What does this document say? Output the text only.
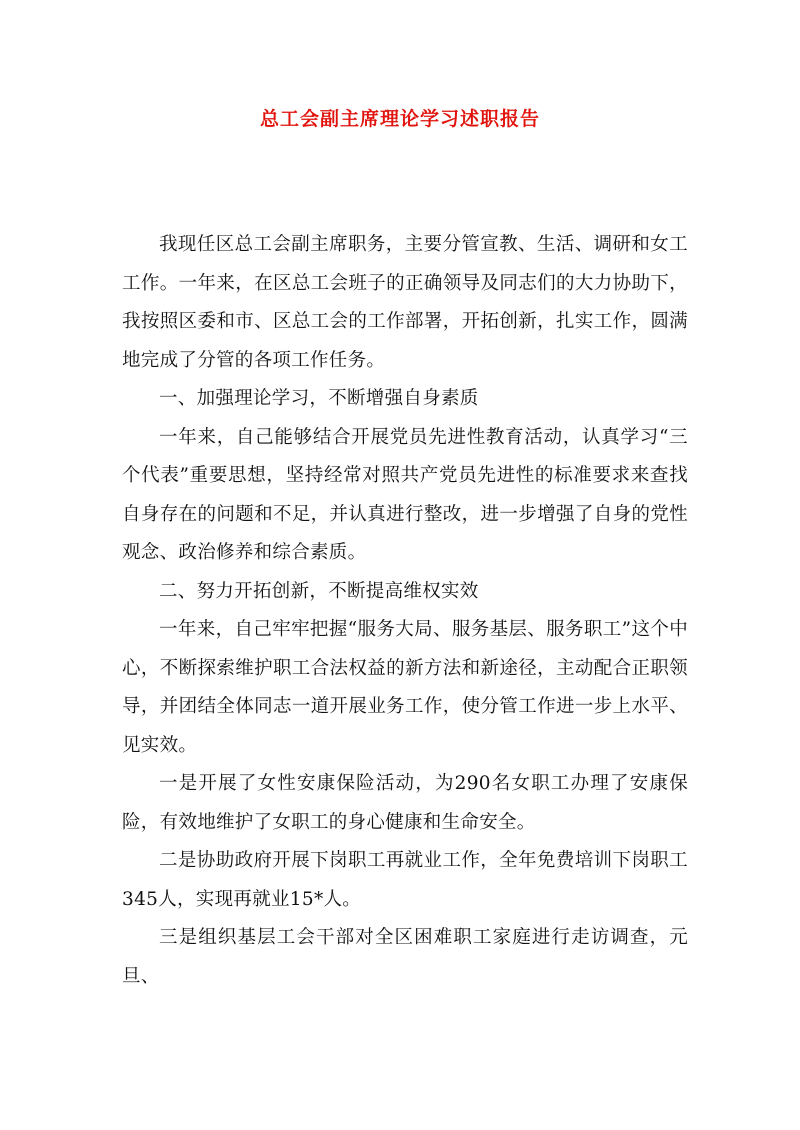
总工会副主席理论学习述职报告

我现任区总工会副主席职务，主要分管宣教、生活、调研和女工工作。一年来，在区总工会班子的正确领导及同志们的大力协助下，我按照区委和市、区总工会的工作部署，开拓创新，扎实工作，圆满地完成了分管的各项工作任务。

一、加强理论学习，不断增强自身素质

一年来，自己能够结合开展党员先进性教育活动，认真学习“三个代表”重要思想，坚持经常对照共产党员先进性的标准要求来查找自身存在的问题和不足，并认真进行整改，进一步增强了自身的党性观念、政治修养和综合素质。

二、努力开拓创新，不断提高维权实效

一年来，自己牢牢把握“服务大局、服务基层、服务职工”这个中心，不断探索维护职工合法权益的新方法和新途径，主动配合正职领导，并团结全体同志一道开展业务工作，使分管工作进一步上水平、见实效。

一是开展了女性安康保险活动，为290名女职工办理了安康保险，有效地维护了女职工的身心健康和生命安全。

二是协助政府开展下岗职工再就业工作，全年免费培训下岗职工345人，实现再就业15*人。

三是组织基层工会干部对全区困难职工家庭进行走访调查，元旦、
